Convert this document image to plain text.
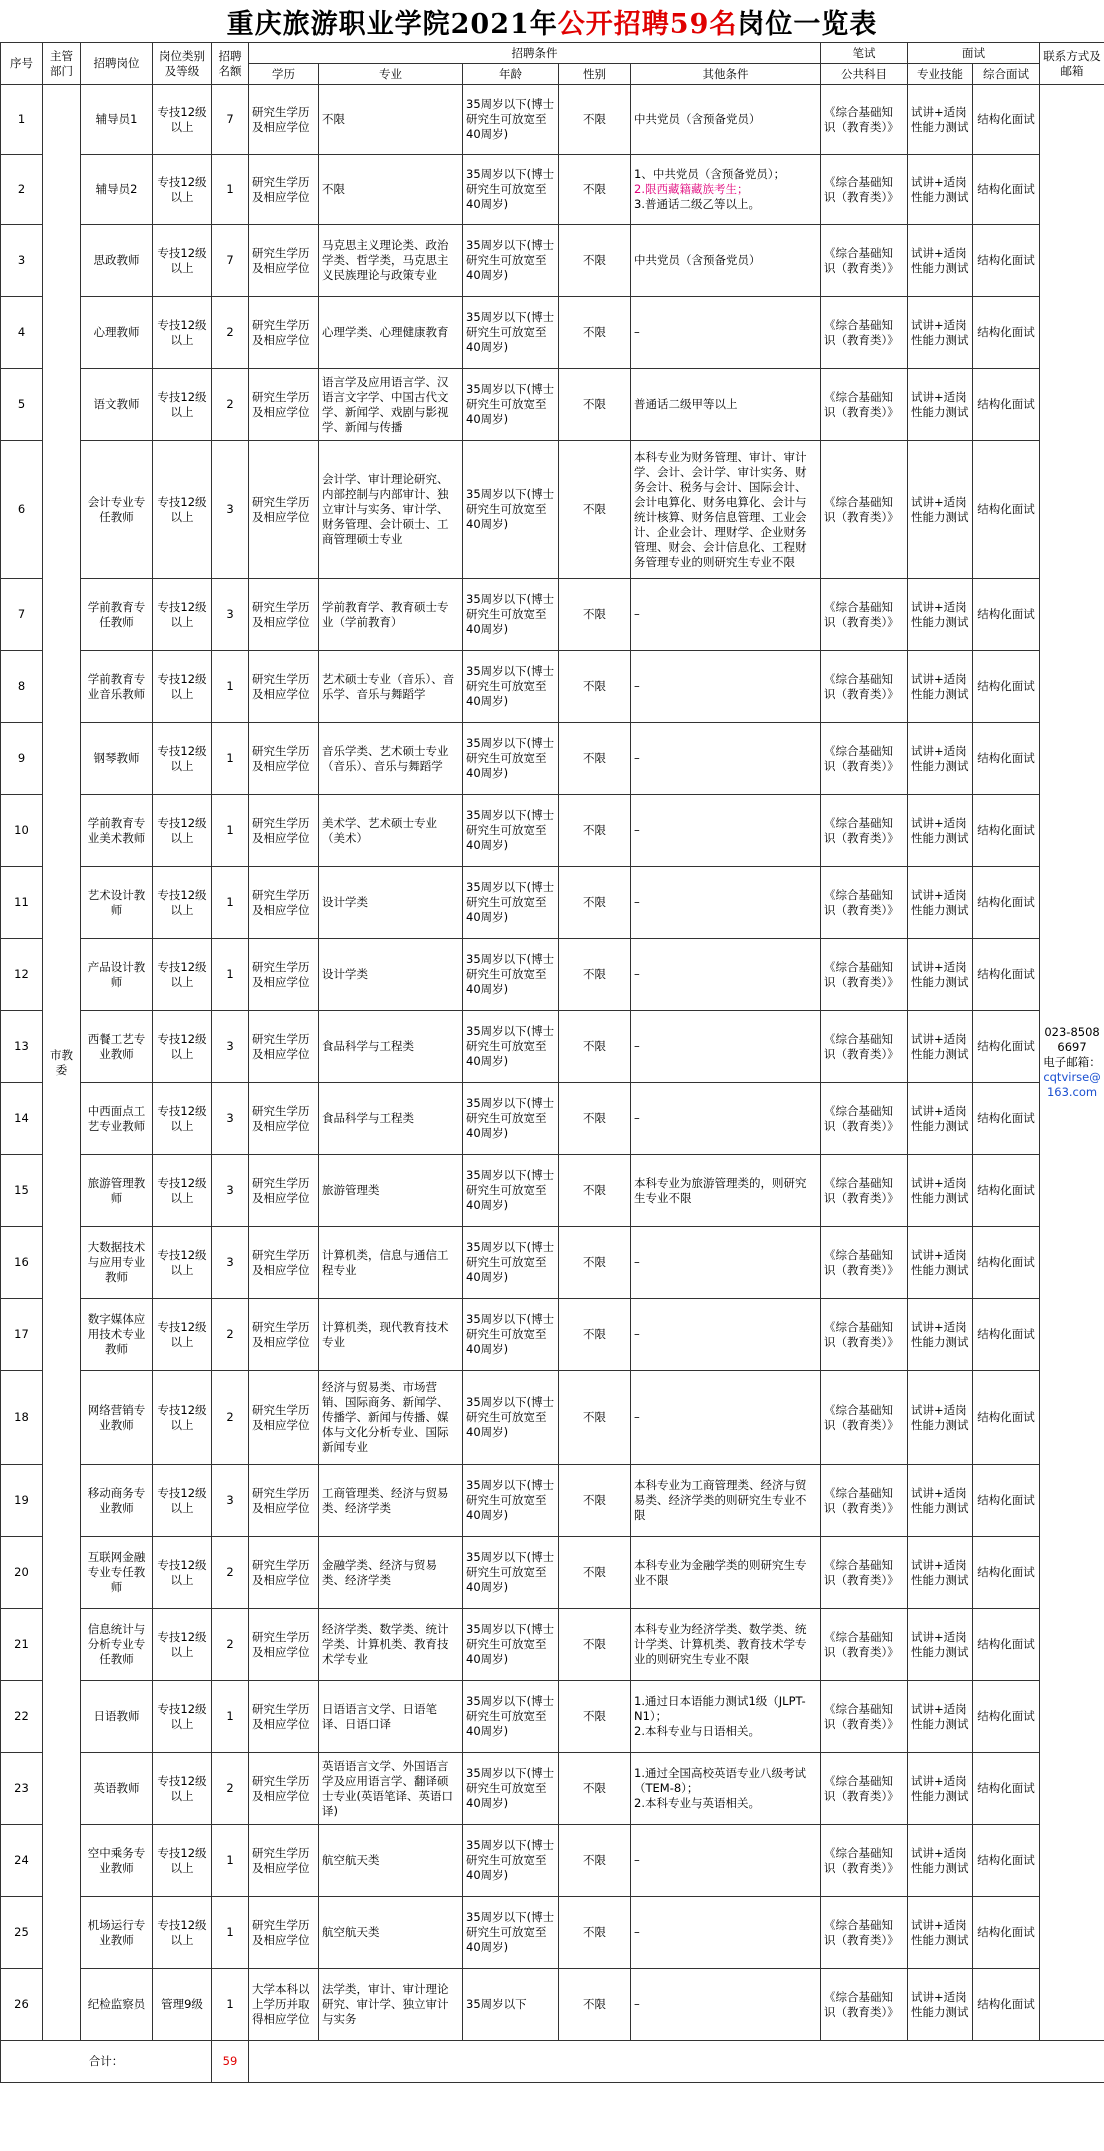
重庆旅游职业学院2021年 公开招聘59名 岗位一览表
序号	主管部门	招聘岗位	岗位类别及等级	招聘名额	招聘条件					笔试	面试		联系方式及邮箱
					学历	专业	年龄	性别	其他条件	公共科目	专业技能	综合面试	
1	市教委	辅导员1	专技12级以上	7	研究生学历及相应学位	不限	35周岁以下(博士研究生可放宽至40周岁)	不限	中共党员（含预备党员）	《综合基础知识（教育类）》	试讲+适岗性能力测试	结构化面试	023-85086697
电子邮箱：
cqtvirse@163.com

2		辅导员2	专技12级以上	1	研究生学历及相应学位	不限	35周岁以下(博士研究生可放宽至40周岁)	不限	1、中共党员（含预备党员）；
2.限西藏籍藏族考生；
3.普通话二级乙等以上。	《综合基础知识（教育类）》	试讲+适岗性能力测试	结构化面试	
3		思政教师	专技12级以上	7	研究生学历及相应学位	马克思主义理论类、政治学类、哲学类，马克思主义民族理论与政策专业	35周岁以下(博士研究生可放宽至40周岁)	不限	中共党员（含预备党员）	《综合基础知识（教育类）》	试讲+适岗性能力测试	结构化面试	
4		心理教师	专技12级以上	2	研究生学历及相应学位	心理学类、心理健康教育	35周岁以下(博士研究生可放宽至40周岁)	不限	–	《综合基础知识（教育类）》	试讲+适岗性能力测试	结构化面试	
5		语文教师	专技12级以上	2	研究生学历及相应学位	语言学及应用语言学、汉语言文字学、中国古代文学、新闻学、戏剧与影视学、新闻与传播	35周岁以下(博士研究生可放宽至40周岁)	不限	普通话二级甲等以上	《综合基础知识（教育类）》	试讲+适岗性能力测试	结构化面试	
6		会计专业专任教师	专技12级以上	3	研究生学历及相应学位	会计学、审计理论研究、内部控制与内部审计、独立审计与实务、审计学、财务管理、会计硕士、工商管理硕士专业	35周岁以下(博士研究生可放宽至40周岁)	不限	本科专业为财务管理、审计、审计学、会计、会计学、审计实务、财务会计、税务与会计、国际会计、会计电算化、财务电算化、会计与统计核算、财务信息管理、工业会计、企业会计、理财学、企业财务管理、财会、会计信息化、工程财务管理专业的则研究生专业不限	《综合基础知识（教育类）》	试讲+适岗性能力测试	结构化面试	
7		学前教育专任教师	专技12级以上	3	研究生学历及相应学位	学前教育学、教育硕士专业（学前教育）	35周岁以下(博士研究生可放宽至40周岁)	不限	–	《综合基础知识（教育类）》	试讲+适岗性能力测试	结构化面试	
8		学前教育专业音乐教师	专技12级以上	1	研究生学历及相应学位	艺术硕士专业（音乐）、音乐学、音乐与舞蹈学	35周岁以下(博士研究生可放宽至40周岁)	不限	–	《综合基础知识（教育类）》	试讲+适岗性能力测试	结构化面试	
9		钢琴教师	专技12级以上	1	研究生学历及相应学位	音乐学类、艺术硕士专业（音乐）、音乐与舞蹈学	35周岁以下(博士研究生可放宽至40周岁)	不限	–	《综合基础知识（教育类）》	试讲+适岗性能力测试	结构化面试	
10		学前教育专业美术教师	专技12级以上	1	研究生学历及相应学位	美术学、艺术硕士专业（美术）	35周岁以下(博士研究生可放宽至40周岁)	不限	–	《综合基础知识（教育类）》	试讲+适岗性能力测试	结构化面试	
11		艺术设计教师	专技12级以上	1	研究生学历及相应学位	设计学类	35周岁以下(博士研究生可放宽至40周岁)	不限	–	《综合基础知识（教育类）》	试讲+适岗性能力测试	结构化面试	
12		产品设计教师	专技12级以上	1	研究生学历及相应学位	设计学类	35周岁以下(博士研究生可放宽至40周岁)	不限	–	《综合基础知识（教育类）》	试讲+适岗性能力测试	结构化面试	
13		西餐工艺专业教师	专技12级以上	3	研究生学历及相应学位	食品科学与工程类	35周岁以下(博士研究生可放宽至40周岁)	不限	–	《综合基础知识（教育类）》	试讲+适岗性能力测试	结构化面试	
14		中西面点工艺专业教师	专技12级以上	3	研究生学历及相应学位	食品科学与工程类	35周岁以下(博士研究生可放宽至40周岁)	不限	–	《综合基础知识（教育类）》	试讲+适岗性能力测试	结构化面试	
15		旅游管理教师	专技12级以上	3	研究生学历及相应学位	旅游管理类	35周岁以下(博士研究生可放宽至40周岁)	不限	本科专业为旅游管理类的，则研究生专业不限	《综合基础知识（教育类）》	试讲+适岗性能力测试	结构化面试	
16		大数据技术与应用专业教师	专技12级以上	3	研究生学历及相应学位	计算机类，信息与通信工程专业	35周岁以下(博士研究生可放宽至40周岁)	不限	–	《综合基础知识（教育类）》	试讲+适岗性能力测试	结构化面试	
17		数字媒体应用技术专业教师	专技12级以上	2	研究生学历及相应学位	计算机类，现代教育技术专业	35周岁以下(博士研究生可放宽至40周岁)	不限	–	《综合基础知识（教育类）》	试讲+适岗性能力测试	结构化面试	
18		网络营销专业教师	专技12级以上	2	研究生学历及相应学位	经济与贸易类、市场营销、国际商务、新闻学、传播学、新闻与传播、媒体与文化分析专业、国际新闻专业	35周岁以下(博士研究生可放宽至40周岁)	不限	–	《综合基础知识（教育类）》	试讲+适岗性能力测试	结构化面试	
19		移动商务专业教师	专技12级以上	3	研究生学历及相应学位	工商管理类、经济与贸易类、经济学类	35周岁以下(博士研究生可放宽至40周岁)	不限	本科专业为工商管理类、经济与贸易类、经济学类的则研究生专业不限	《综合基础知识（教育类）》	试讲+适岗性能力测试	结构化面试	
20		互联网金融专业专任教师	专技12级以上	2	研究生学历及相应学位	金融学类、经济与贸易类、经济学类	35周岁以下(博士研究生可放宽至40周岁)	不限	本科专业为金融学类的则研究生专业不限	《综合基础知识（教育类）》	试讲+适岗性能力测试	结构化面试	
21		信息统计与分析专业专任教师	专技12级以上	2	研究生学历及相应学位	经济学类、数学类、统计学类、计算机类、教育技术学专业	35周岁以下(博士研究生可放宽至40周岁)	不限	本科专业为经济学类、数学类、统计学类、计算机类、教育技术学专业的则研究生专业不限	《综合基础知识（教育类）》	试讲+适岗性能力测试	结构化面试	
22		日语教师	专技12级以上	1	研究生学历及相应学位	日语语言文学、日语笔译、日语口译	35周岁以下(博士研究生可放宽至40周岁)	不限	1.通过日本语能力测试1级（JLPT-N1）；
2.本科专业与日语相关。	《综合基础知识（教育类）》	试讲+适岗性能力测试	结构化面试	
23		英语教师	专技12级以上	2	研究生学历及相应学位	英语语言文学、外国语言学及应用语言学、翻译硕士专业(英语笔译、英语口译)	35周岁以下(博士研究生可放宽至40周岁)	不限	1.通过全国高校英语专业八级考试（TEM-8）；
2.本科专业与英语相关。	《综合基础知识（教育类）》	试讲+适岗性能力测试	结构化面试	
24		空中乘务专业教师	专技12级以上	1	研究生学历及相应学位	航空航天类	35周岁以下(博士研究生可放宽至40周岁)	不限	–	《综合基础知识（教育类）》	试讲+适岗性能力测试	结构化面试	
25		机场运行专业教师	专技12级以上	1	研究生学历及相应学位	航空航天类	35周岁以下(博士研究生可放宽至40周岁)	不限	–	《综合基础知识（教育类）》	试讲+适岗性能力测试	结构化面试	
26		纪检监察员	管理9级	1	大学本科以上学历并取得相应学位	法学类，审计、审计理论研究、审计学、独立审计与实务	35周岁以下	不限	–	《综合基础知识（教育类）》	试讲+适岗性能力测试	结构化面试	
合计：				59									
